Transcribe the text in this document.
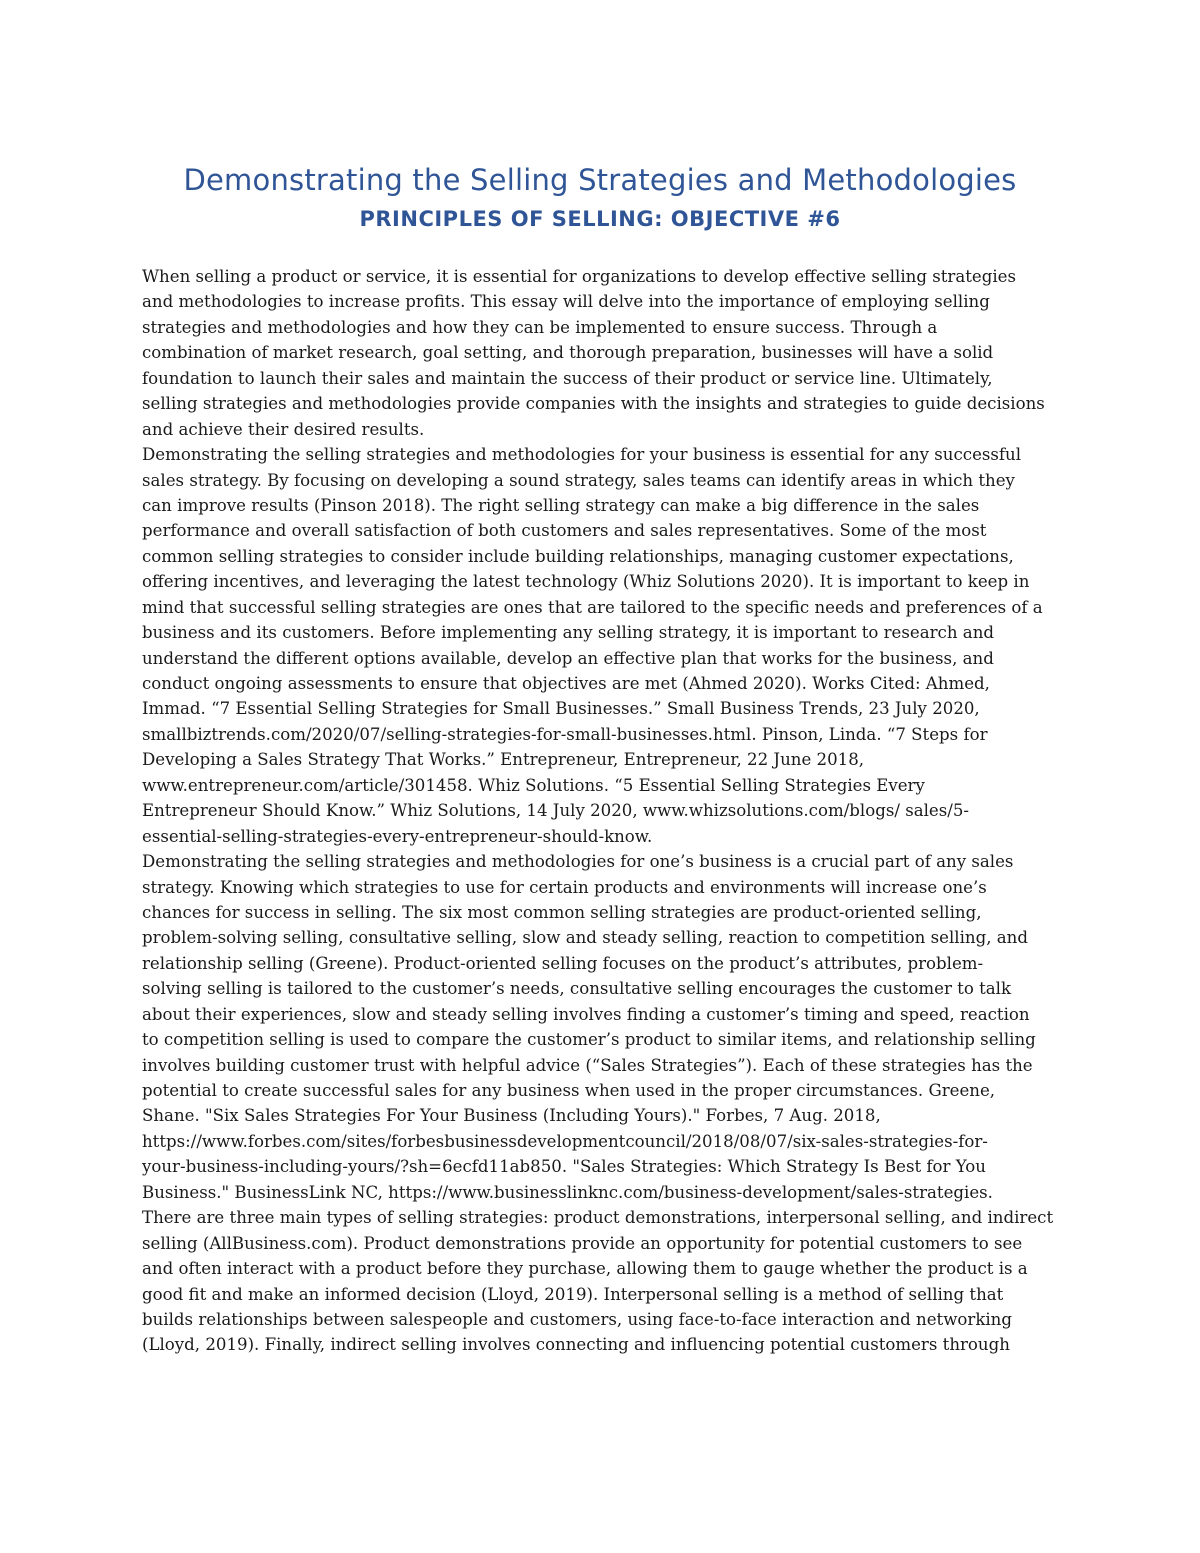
Demonstrating the Selling Strategies and Methodologies
PRINCIPLES OF SELLING: OBJECTIVE #6
When selling a product or service, it is essential for organizations to develop effective selling strategies
and methodologies to increase profits. This essay will delve into the importance of employing selling
strategies and methodologies and how they can be implemented to ensure success. Through a
combination of market research, goal setting, and thorough preparation, businesses will have a solid
foundation to launch their sales and maintain the success of their product or service line. Ultimately,
selling strategies and methodologies provide companies with the insights and strategies to guide decisions
and achieve their desired results.
Demonstrating the selling strategies and methodologies for your business is essential for any successful
sales strategy. By focusing on developing a sound strategy, sales teams can identify areas in which they
can improve results (Pinson 2018). The right selling strategy can make a big difference in the sales
performance and overall satisfaction of both customers and sales representatives. Some of the most
common selling strategies to consider include building relationships, managing customer expectations,
offering incentives, and leveraging the latest technology (Whiz Solutions 2020). It is important to keep in
mind that successful selling strategies are ones that are tailored to the specific needs and preferences of a
business and its customers. Before implementing any selling strategy, it is important to research and
understand the different options available, develop an effective plan that works for the business, and
conduct ongoing assessments to ensure that objectives are met (Ahmed 2020). Works Cited: Ahmed,
Immad. “7 Essential Selling Strategies for Small Businesses.” Small Business Trends, 23 July 2020,
smallbiztrends.com/2020/07/selling-strategies-for-small-businesses.html. Pinson, Linda. “7 Steps for
Developing a Sales Strategy That Works.” Entrepreneur, Entrepreneur, 22 June 2018,
www.entrepreneur.com/article/301458. Whiz Solutions. “5 Essential Selling Strategies Every
Entrepreneur Should Know.” Whiz Solutions, 14 July 2020, www.whizsolutions.com/blogs/ sales/5-
essential-selling-strategies-every-entrepreneur-should-know.
Demonstrating the selling strategies and methodologies for one’s business is a crucial part of any sales
strategy. Knowing which strategies to use for certain products and environments will increase one’s
chances for success in selling. The six most common selling strategies are product-oriented selling,
problem-solving selling, consultative selling, slow and steady selling, reaction to competition selling, and
relationship selling (Greene). Product-oriented selling focuses on the product’s attributes, problem-
solving selling is tailored to the customer’s needs, consultative selling encourages the customer to talk
about their experiences, slow and steady selling involves finding a customer’s timing and speed, reaction
to competition selling is used to compare the customer’s product to similar items, and relationship selling
involves building customer trust with helpful advice (“Sales Strategies”). Each of these strategies has the
potential to create successful sales for any business when used in the proper circumstances. Greene,
Shane. "Six Sales Strategies For Your Business (Including Yours)." Forbes, 7 Aug. 2018,
https://www.forbes.com/sites/forbesbusinessdevelopmentcouncil/2018/08/07/six-sales-strategies-for-
your-business-including-yours/?sh=6ecfd11ab850. "Sales Strategies: Which Strategy Is Best for You
Business." BusinessLink NC, https://www.businesslinknc.com/business-development/sales-strategies.
There are three main types of selling strategies: product demonstrations, interpersonal selling, and indirect
selling (AllBusiness.com). Product demonstrations provide an opportunity for potential customers to see
and often interact with a product before they purchase, allowing them to gauge whether the product is a
good fit and make an informed decision (Lloyd, 2019). Interpersonal selling is a method of selling that
builds relationships between salespeople and customers, using face-to-face interaction and networking
(Lloyd, 2019). Finally, indirect selling involves connecting and influencing potential customers through
